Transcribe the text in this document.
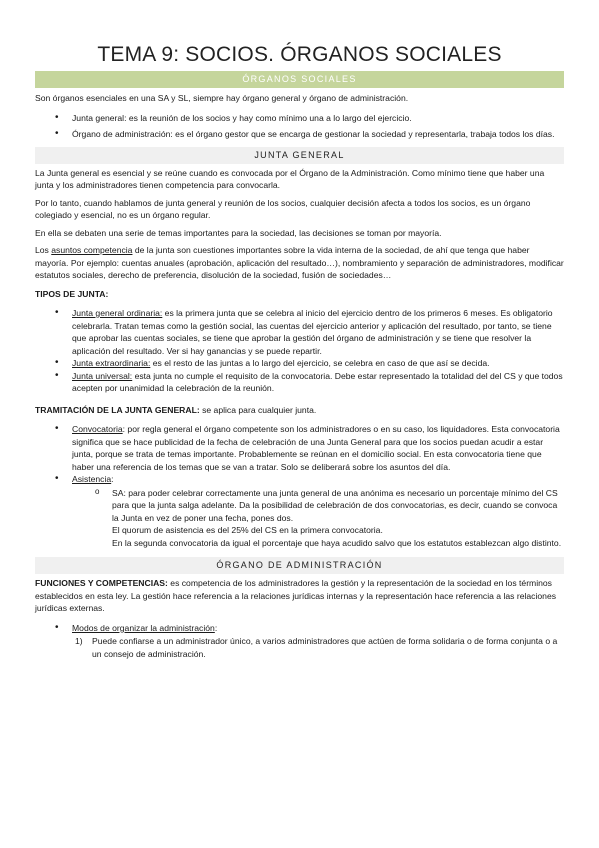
TEMA 9: SOCIOS. ÓRGANOS SOCIALES
ÓRGANOS SOCIALES

Son órganos esenciales en una SA y SL, siempre hay órgano general y órgano de administración.

• Junta general: es la reunión de los socios y hay como mínimo una a lo largo del ejercicio.
• Órgano de administración: es el órgano gestor que se encarga de gestionar la sociedad y representarla, trabaja todos los días.
JUNTA GENERAL

La Junta general es esencial y se reúne cuando es convocada por el Órgano de la Administración. Como mínimo tiene que haber una junta y los administradores tienen competencia para convocarla.

Por lo tanto, cuando hablamos de junta general y reunión de los socios, cualquier decisión afecta a todos los socios, es un órgano colegiado y esencial, no es un órgano regular.

En ella se debaten una serie de temas importantes para la sociedad, las decisiones se toman por mayoría.

Los asuntos competencia de la junta son cuestiones importantes sobre la vida interna de la sociedad, de ahí que tenga que haber mayoría. Por ejemplo: cuentas anuales (aprobación, aplicación del resultado…), nombramiento y separación de administradores, modificar estatutos sociales, derecho de preferencia, disolución de la sociedad, fusión de sociedades…

TIPOS DE JUNTA:

• Junta general ordinaria: es la primera junta que se celebra al inicio del ejercicio dentro de los primeros 6 meses. Es obligatorio celebrarla. Tratan temas como la gestión social, las cuentas del ejercicio anterior y aplicación del resultado, por tanto, se tiene que aprobar las cuentas sociales, se tiene que aprobar la gestión del órgano de administración y se tiene que resolver la aplicación del resultado. Ver si hay ganancias y se puede repartir.
• Junta extraordinaria: es el resto de las juntas a lo largo del ejercicio, se celebra en caso de que así se decida.
• Junta universal: esta junta no cumple el requisito de la convocatoria. Debe estar representado la totalidad del del CS y que todos acepten por unanimidad la celebración de la reunión.

TRAMITACIÓN DE LA JUNTA GENERAL: se aplica para cualquier junta.

• Convocatoria: por regla general el órgano competente son los administradores o en su caso, los liquidadores. Esta convocatoria significa que se hace publicidad de la fecha de celebración de una Junta General para que los socios puedan acudir a estar junta, porque se trata de temas importante. Probablemente se reúnan en el domicilio social. En esta convocatoria tiene que haber una referencia de los temas que se van a tratar. Solo se deliberará sobre los asuntos del día.
• Asistencia:
o SA: para poder celebrar correctamente una junta general de una anónima es necesario un porcentaje mínimo del CS para que la junta salga adelante. Da la posibilidad de celebración de dos convocatorias, es decir, cuando se convoca la Junta en vez de poner una fecha, pones dos.
El quorum de asistencia es del 25% del CS en la primera convocatoria.
En la segunda convocatoria da igual el porcentaje que haya acudido salvo que los estatutos establezcan algo distinto.
ÓRGANO DE ADMINISTRACIÓN

FUNCIONES Y COMPETENCIAS: es competencia de los administradores la gestión y la representación de la sociedad en los términos establecidos en esta ley. La gestión hace referencia a la relaciones jurídicas internas y la representación hace referencia a las relaciones jurídicas externas.

• Modos de organizar la administración:
1) Puede confiarse a un administrador único, a varios administradores que actúen de forma solidaria o de forma conjunta o a un consejo de administración.
